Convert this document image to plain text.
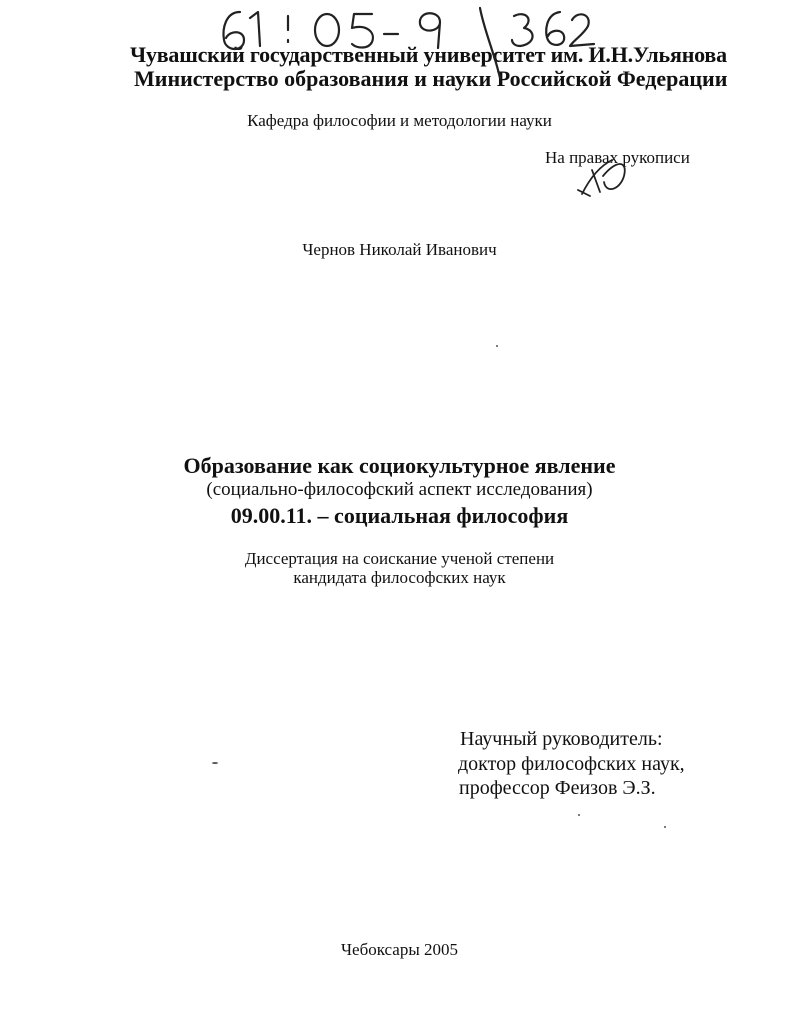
Чувашский государственный университет им. И.Н.Ульянова
Министерство образования и науки Российской Федерации
Кафедра философии и методологии науки
На правах рукописи
Чернов Николай Иванович
Образование как социокультурное явление
(социально-философский аспект исследования)
09.00.11. – социальная философия
Диссертация на соискание ученой степени
кандидата философских наук
Научный руководитель:
доктор философских наук,
профессор Феизов Э.З.
Чебоксары 2005
